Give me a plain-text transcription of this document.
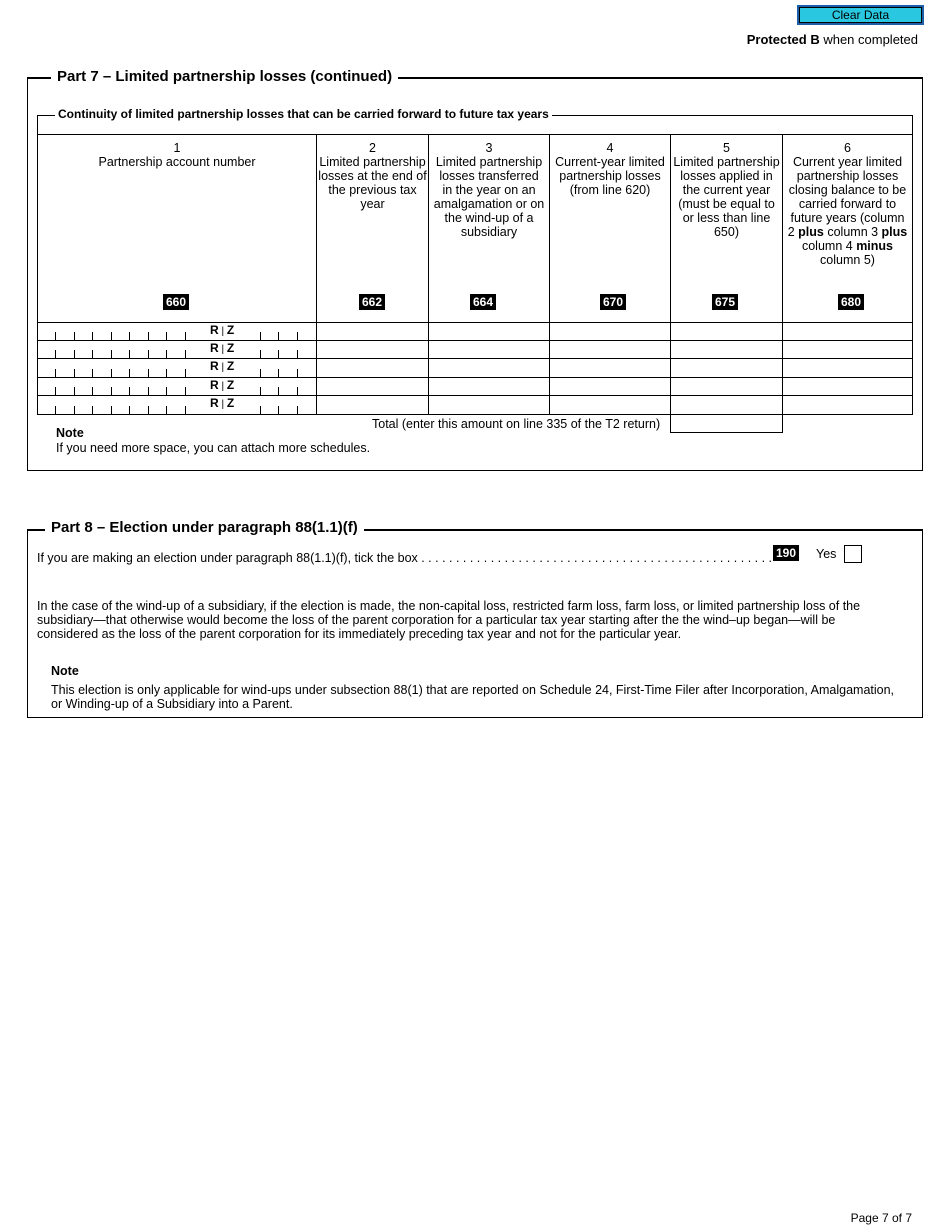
Clear Data
Protected B when completed
Part 7 – Limited partnership losses (continued)
Continuity of limited partnership losses that can be carried forward to future tax years
1
Partnership account number
2
Limited partnership losses at the end of the previous tax year
3
Limited partnership losses transferred in the year on an amalgamation or on the wind-up of a subsidiary
4
Current-year limited partnership losses (from line 620)
5
Limited partnership losses applied in the current year (must be equal to or less than line 650)
6
Current year limited partnership losses closing balance to be carried forward to future years (column 2 plus column 3 plus column 4 minus column 5)
660	662	664	670	675	680
R | Z
R | Z
R | Z
R | Z
R | Z
Total (enter this amount on line 335 of the T2 return)
Note
If you need more space, you can attach more schedules.
Part 8 – Election under paragraph 88(1.1)(f)
If you are making an election under paragraph 88(1.1)(f), tick the box . . . . . . . . . . . . . . . . . . . . . . . . . . . . . . . . . . . . . . . . . . . . . . . . . . . 190 Yes
In the case of the wind-up of a subsidiary, if the election is made, the non-capital loss, restricted farm loss, farm loss, or limited partnership loss of the subsidiary—that otherwise would become the loss of the parent corporation for a particular tax year starting after the the wind–up began—will be considered as the loss of the parent corporation for its immediately preceding tax year and not for the particular year.
Note
This election is only applicable for wind-ups under subsection 88(1) that are reported on Schedule 24, First-Time Filer after Incorporation, Amalgamation, or Winding-up of a Subsidiary into a Parent.
Page 7 of 7
